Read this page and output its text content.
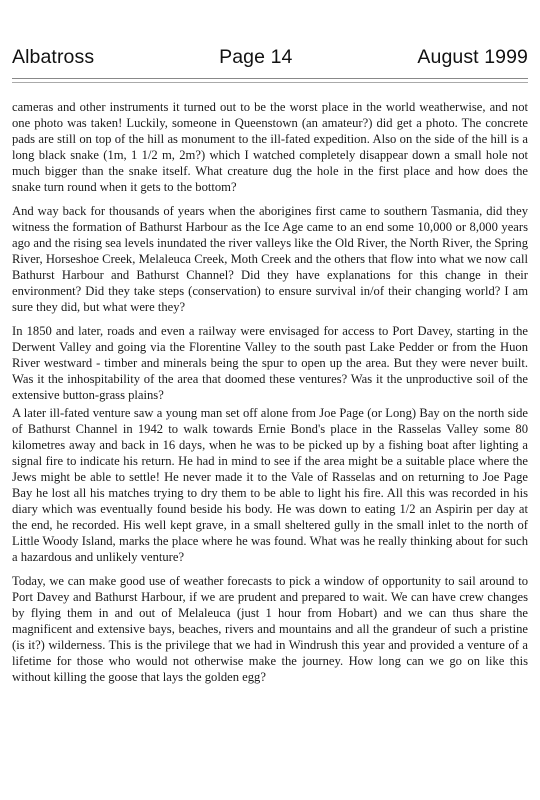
Albatross	Page 14	August 1999

cameras and other instruments it turned out to be the worst place in the world weatherwise, and not one photo was taken! Luckily, someone in Queenstown (an amateur?) did get a photo. The concrete pads are still on top of the hill as monument to the ill-fated expedition. Also on the side of the hill is a long black snake (1m, 1 1/2 m, 2m?) which I watched completely disappear down a small hole not much bigger than the snake itself. What creature dug the hole in the first place and how does the snake turn round when it gets to the bottom?

And way back for thousands of years when the aborigines first came to southern Tasmania, did they witness the formation of Bathurst Harbour as the Ice Age came to an end some 10,000 or 8,000 years ago and the rising sea levels inundated the river valleys like the Old River, the North River, the Spring River, Horseshoe Creek, Melaleuca Creek, Moth Creek and the others that flow into what we now call Bathurst Harbour and Bathurst Channel? Did they have explanations for this change in their environment? Did they take steps (conservation) to ensure survival in/of their changing world? I am sure they did, but what were they?

In 1850 and later, roads and even a railway were envisaged for access to Port Davey, starting in the Derwent Valley and going via the Florentine Valley to the south past Lake Pedder or from the Huon River westward - timber and minerals being the spur to open up the area. But they were never built. Was it the inhospitability of the area that doomed these ventures? Was it the unproductive soil of the extensive button-grass plains?

A later ill-fated venture saw a young man set off alone from Joe Page (or Long) Bay on the north side of Bathurst Channel in 1942 to walk towards Ernie Bond's place in the Rasselas Valley some 80 kilometres away and back in 16 days, when he was to be picked up by a fishing boat after lighting a signal fire to indicate his return. He had in mind to see if the area might be a suitable place where the Jews might be able to settle! He never made it to the Vale of Rasselas and on returning to Joe Page Bay he lost all his matches trying to dry them to be able to light his fire. All this was recorded in his diary which was eventually found beside his body. He was down to eating 1/2 an Aspirin per day at the end, he recorded. His well kept grave, in a small sheltered gully in the small inlet to the north of Little Woody Island, marks the place where he was found. What was he really thinking about for such a hazardous and unlikely venture?

Today, we can make good use of weather forecasts to pick a window of opportunity to sail around to Port Davey and Bathurst Harbour, if we are prudent and prepared to wait. We can have crew changes by flying them in and out of Melaleuca (just 1 hour from Hobart) and we can thus share the magnificent and extensive bays, beaches, rivers and mountains and all the grandeur of such a pristine (is it?) wilderness. This is the privilege that we had in Windrush this year and provided a venture of a lifetime for those who would not otherwise make the journey. How long can we go on like this without killing the goose that lays the golden egg?
